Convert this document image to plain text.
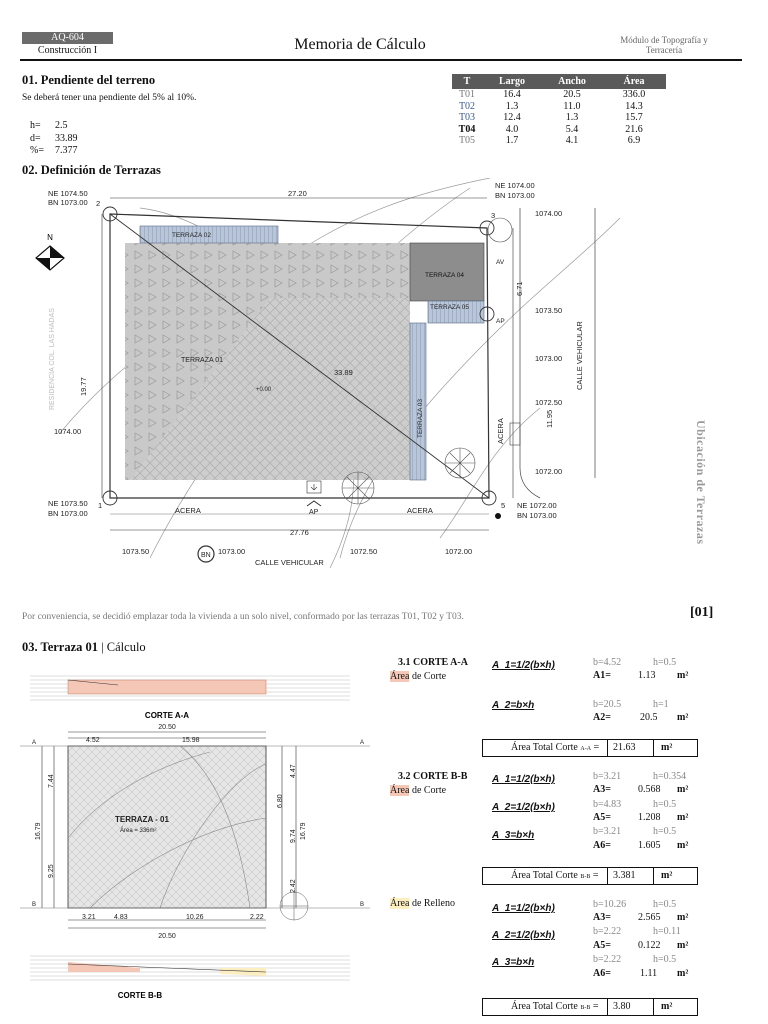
AQ-604
Construcción I	Memoria de Cálculo	Módulo de Topografía y
Terracería
01. Pendiente del terreno
Se deberá tener una pendiente del 5% al 10%.
h= 2.5
d= 33.89
%= 7.377
T	Largo	Ancho	Área
T01	16.4	20.5	336.0
T02	1.3	11.0	14.3
T03	12.4	1.3	15.7
T04	4.0	5.4	21.6
T05	1.7	4.1	6.9
02. Definición de Terrazas
N
NE 1074.50
BN 1073.00 2
NE 1074.00
BN 1073.00
3
NE 1073.50
BN 1073.00
1	NE 1072.00
BN 1073.00
5
27.20
27.76
33.89
1074.00
1074.00
1073.50
1073.00
1072.50
1072.00
1073.50	1073.00	1072.50	1072.00
BN
CALLE VEHICULAR
ACERA	ACERA
AP
TERRAZA 01
+0.00
TERRAZA 02
TERRAZA 04
TERRAZA 05
AP
AV
19.77
6.71
11.95
RESIDENCIA COL. LAS HADAS	CALLE VEHICULAR
ACERA
TERRAZA 03
Ubicación de Terrazas
[01]
Por conveniencia, se decidió emplazar toda la vivienda a un solo nivel, conformado por las terrazas T01, T02 y T03.
03. Terraza 01 | Cálculo
CORTE A-A
20.50
4.52	15.98
3.21	4.83	10.26	2.22
20.50
TERRAZA - 01
Área = 336m²
A	A
B	B
16.79
7.44
9.25
16.79
4.47
9.74
2.42
6.80
CORTE B-B
3.1 CORTE A-A
Área de Corte
A_1=1/2(b×h)	b=4.52	h=0.5
A1=	1.13 m²
A_2=b×h	b=20.5	h=1
A2=	20.5 m²
Área Total Corte A-A = 21.63	m²
3.2 CORTE B-B
Área de Corte
A_1=1/2(b×h)	b=3.21	h=0.354
A3=	0.568 m²
A_2=1/2(b×h)	b=4.83	h=0.5
A5=	1.208 m²
A_3=b×h	b=3.21	h=0.5
A6=	1.605 m²
Área Total Corte B-B = 3.381	m²
Área de Relleno	A_1=1/2(b×h)	b=10.26	h=0.5
A3=	2.565 m²
A_2=1/2(b×h)	b=2.22	h=0.11
A5=	0.122 m²
A_3=b×h	b=2.22	h=0.5
A6=	1.11 m²
Área Total Corte B-B = 3.80	m²
